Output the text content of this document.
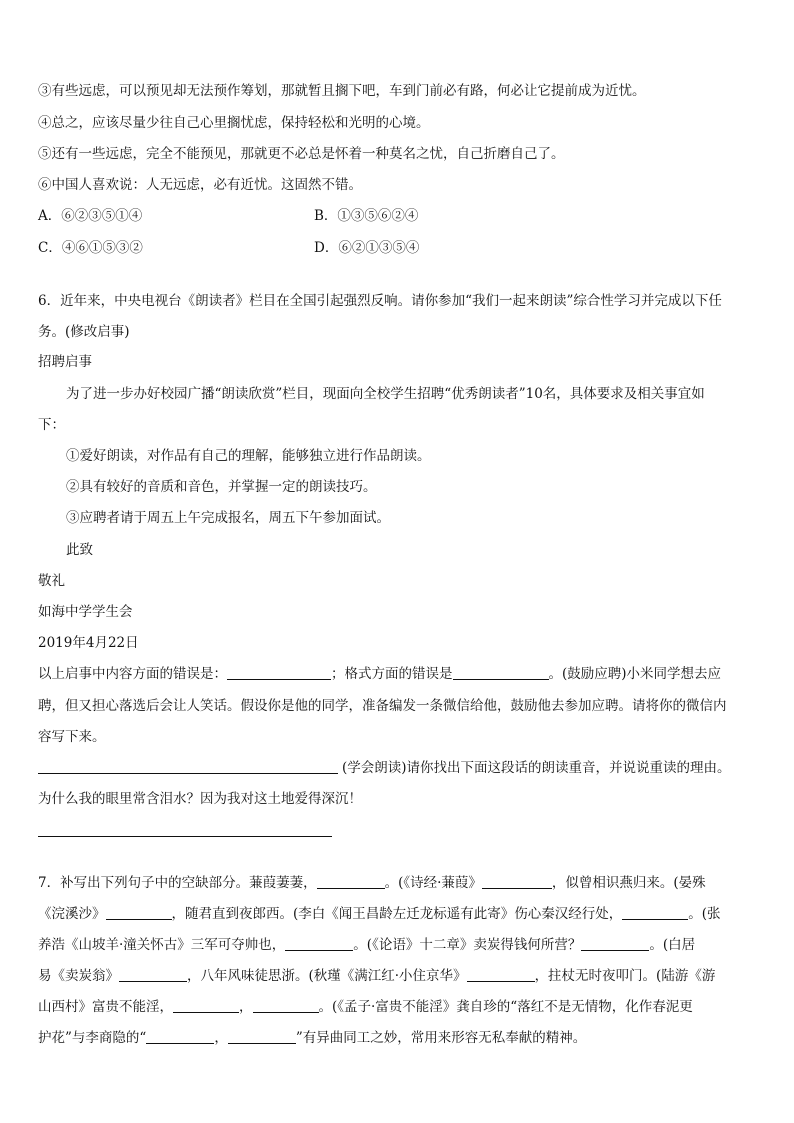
③有些远虑，可以预见却无法预作筹划，那就暂且搁下吧，车到门前必有路，何必让它提前成为近忧。
④总之，应该尽量少往自己心里搁忧虑，保持轻松和光明的心境。
⑤还有一些远虑，完全不能预见，那就更不必总是怀着一种莫名之忧，自己折磨自己了。
⑥中国人喜欢说：人无远虑，必有近忧。这固然不错。
A．⑥②③⑤①④	B．①③⑤⑥②④
C．④⑥①⑤③②	D．⑥②①③⑤④
6．近年来，中央电视台《朗读者》栏目在全国引起强烈反响。请你参加“我们一起来朗读”综合性学习并完成以下任
务。(修改启事)
招聘启事
为了进一步办好校园广播“朗读欣赏”栏目，现面向全校学生招聘“优秀朗读者”10名，具体要求及相关事宜如
下：
①爱好朗读，对作品有自己的理解，能够独立进行作品朗读。
②具有较好的音质和音色，并掌握一定的朗读技巧。
③应聘者请于周五上午完成报名，周五下午参加面试。
此致
敬礼
如海中学学生会
2019年4月22日
以上启事中内容方面的错误是：	；格式方面的错误是	。(鼓励应聘)小米同学想去应
聘，但又担心落选后会让人笑话。假设你是他的同学，准备编发一条微信给他，鼓励他去参加应聘。请将你的微信内
容写下来。
(学会朗读)请你找出下面这段话的朗读重音，并说说重读的理由。
为什么我的眼里常含泪水？因为我对这土地爱得深沉！
7．补写出下列句子中的空缺部分。蒹葭萋萋，	。(《诗经·蒹葭》	，似曾相识燕归来。(晏殊
《浣溪沙》	，随君直到夜郎西。(李白《闻王昌龄左迁龙标遥有此寄》伤心秦汉经行处，	。(张
养浩《山坡羊·潼关怀古》三军可夺帅也，	。(《论语》十二章》卖炭得钱何所营？	。(白居
易《卖炭翁》	，八年风味徒思浙。(秋瑾《满江红·小住京华》	，拄杖无时夜叩门。(陆游《游
山西村》富贵不能淫，	，	。(《孟子·富贵不能淫》龚自珍的“落红不是无情物，化作春泥更
护花”与李商隐的“	，	”有异曲同工之妙，常用来形容无私奉献的精神。
